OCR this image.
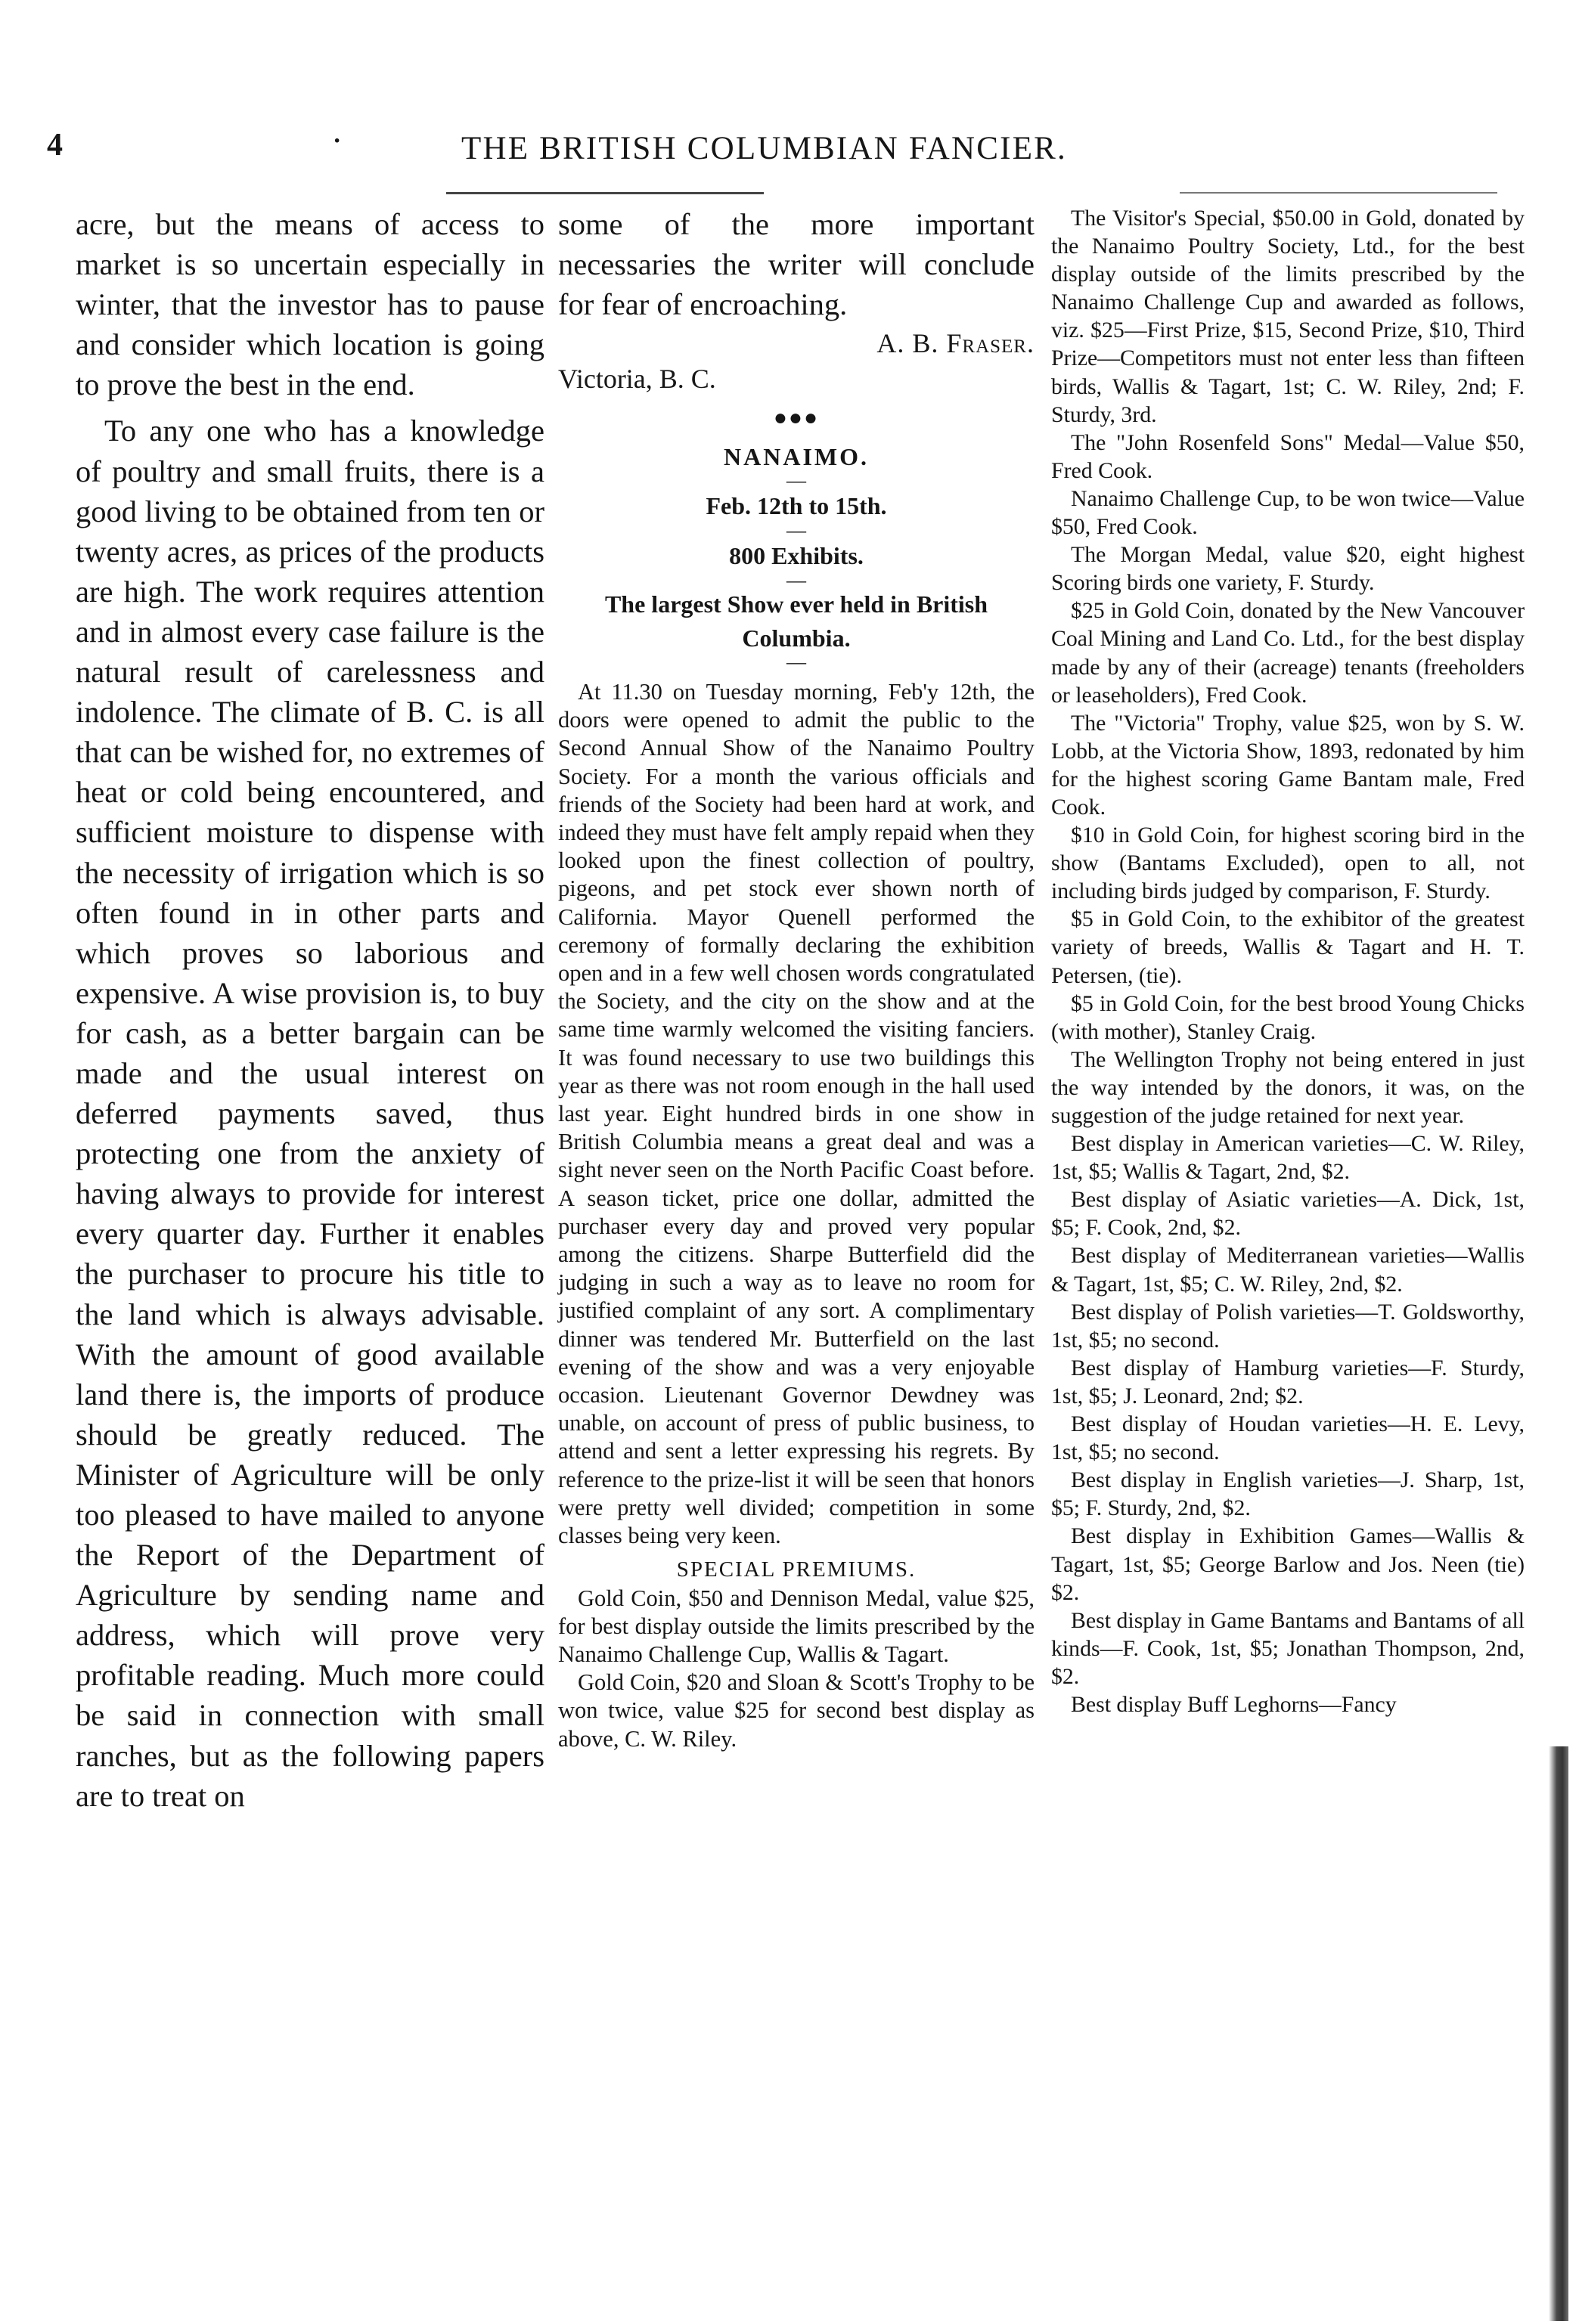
4	·	THE BRITISH COLUMBIAN FANCIER.

acre, but the means of access to market is so uncertain especially in winter, that the investor has to pause and consider which location is going to prove the best in the end.

To any one who has a knowledge of poultry and small fruits, there is a good living to be obtained from ten or twenty acres, as prices of the products are high. The work requires attention and in almost every case failure is the natural result of carelessness and indolence. The climate of B. C. is all that can be wished for, no extremes of heat or cold being encountered, and sufficient moisture to dispense with the necessity of irrigation which is so often found in in other parts and which proves so laborious and expensive. A wise provision is, to buy for cash, as a better bargain can be made and the usual interest on deferred payments saved, thus protecting one from the anxiety of having always to provide for interest every quarter day. Further it enables the purchaser to procure his title to the land which is always advisable. With the amount of good available land there is, the imports of produce should be greatly reduced. The Minister of Agriculture will be only too pleased to have mailed to anyone the Report of the Department of Agriculture by sending name and address, which will prove very profitable reading. Much more could be said in connection with small ranches, but as the following papers are to treat on

some of the more important necessaries the writer will conclude for fear of encroaching.

A. B. Fraser.

Victoria, B. C.

●●●

NANAIMO.

—

Feb. 12th to 15th.

—

800 Exhibits.

—

The largest Show ever held in British Columbia.

—

At 11.30 on Tuesday morning, Feb'y 12th, the doors were opened to admit the public to the Second Annual Show of the Nanaimo Poultry Society. For a month the various officials and friends of the Society had been hard at work, and indeed they must have felt amply repaid when they looked upon the finest collection of poultry, pigeons, and pet stock ever shown north of California. Mayor Quenell performed the ceremony of formally declaring the exhibition open and in a few well chosen words congratulated the Society, and the city on the show and at the same time warmly welcomed the visiting fanciers. It was found necessary to use two buildings this year as there was not room enough in the hall used last year. Eight hundred birds in one show in British Columbia means a great deal and was a sight never seen on the North Pacific Coast before. A season ticket, price one dollar, admitted the purchaser every day and proved very popular among the citizens. Sharpe Butterfield did the judging in such a way as to leave no room for justified complaint of any sort. A complimentary dinner was tendered Mr. Butterfield on the last evening of the show and was a very enjoyable occasion. Lieutenant Governor Dewdney was unable, on account of press of public business, to attend and sent a letter expressing his regrets. By reference to the prize-list it will be seen that honors were pretty well divided; competition in some classes being very keen.

SPECIAL PREMIUMS.

Gold Coin, $50 and Dennison Medal, value $25, for best display outside the limits prescribed by the Nanaimo Challenge Cup, Wallis & Tagart.

Gold Coin, $20 and Sloan & Scott's Trophy to be won twice, value $25 for second best display as above, C. W. Riley.

The Visitor's Special, $50.00 in Gold, donated by the Nanaimo Poultry Society, Ltd., for the best display outside of the limits prescribed by the Nanaimo Challenge Cup and awarded as follows, viz. $25—First Prize, $15, Second Prize, $10, Third Prize—Competitors must not enter less than fifteen birds, Wallis & Tagart, 1st; C. W. Riley, 2nd; F. Sturdy, 3rd.

The "John Rosenfeld Sons" Medal—Value $50, Fred Cook.

Nanaimo Challenge Cup, to be won twice—Value $50, Fred Cook.

The Morgan Medal, value $20, eight highest Scoring birds one variety, F. Sturdy.

$25 in Gold Coin, donated by the New Vancouver Coal Mining and Land Co. Ltd., for the best display made by any of their (acreage) tenants (freeholders or leaseholders), Fred Cook.

The "Victoria" Trophy, value $25, won by S. W. Lobb, at the Victoria Show, 1893, redonated by him for the highest scoring Game Bantam male, Fred Cook.

$10 in Gold Coin, for highest scoring bird in the show (Bantams Excluded), open to all, not including birds judged by comparison, F. Sturdy.

$5 in Gold Coin, to the exhibitor of the greatest variety of breeds, Wallis & Tagart and H. T. Petersen, (tie).

$5 in Gold Coin, for the best brood Young Chicks (with mother), Stanley Craig.

The Wellington Trophy not being entered in just the way intended by the donors, it was, on the suggestion of the judge retained for next year.

Best display in American varieties—C. W. Riley, 1st, $5; Wallis & Tagart, 2nd, $2.

Best display of Asiatic varieties—A. Dick, 1st, $5; F. Cook, 2nd, $2.

Best display of Mediterranean varieties—Wallis & Tagart, 1st, $5; C. W. Riley, 2nd, $2.

Best display of Polish varieties—T. Goldsworthy, 1st, $5; no second.

Best display of Hamburg varieties—F. Sturdy, 1st, $5; J. Leonard, 2nd; $2.

Best display of Houdan varieties—H. E. Levy, 1st, $5; no second.

Best display in English varieties—J. Sharp, 1st, $5; F. Sturdy, 2nd, $2.

Best display in Exhibition Games—Wallis & Tagart, 1st, $5; George Barlow and Jos. Neen (tie) $2.

Best display in Game Bantams and Bantams of all kinds—F. Cook, 1st, $5; Jonathan Thompson, 2nd, $2.

Best display Buff Leghorns—Fancy
